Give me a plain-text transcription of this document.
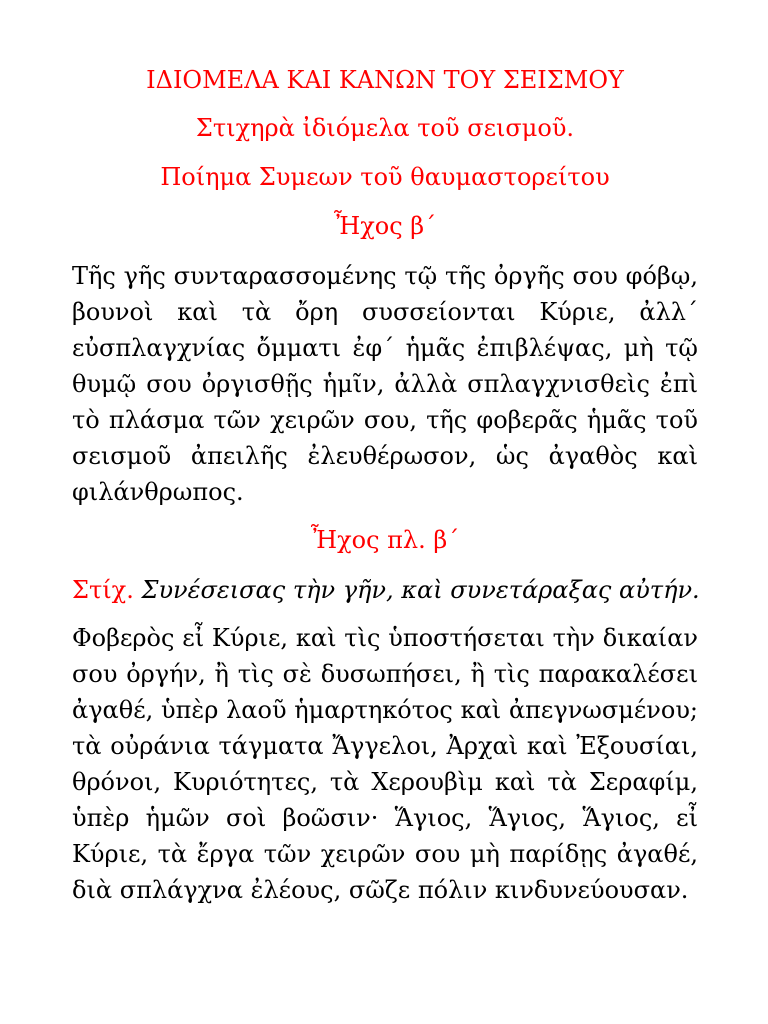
ΙΔΙΟΜΕΛΑ ΚΑΙ ΚΑΝΩΝ ΤΟΥ ΣΕΙΣΜΟΥ

Στιχηρὰ ἰδιόμελα τοῦ σεισμοῦ.

Ποίημα Συμεων τοῦ θαυμαστορείτου

Ἦχος β΄

Τῆς γῆς συνταρασσομένης τῷ τῆς ὀργῆς σου φόβῳ, βουνοὶ καὶ τὰ ὄρη συσσείονται Κύριε, ἀλλ΄ εὐσπλαγχνίας ὄμματι ἐφ΄ ἡμᾶς ἐπιβλέψας, μὴ τῷ θυμῷ σου ὀργισθῇς ἡμῖν, ἀλλὰ σπλαγχνισθεὶς ἐπὶ τὸ πλάσμα τῶν χειρῶν σου, τῆς φοβερᾶς ἡμᾶς τοῦ σεισμοῦ ἀπειλῆς ἐλευθέρωσον, ὡς ἀγαθὸς καὶ φιλάνθρωπος.

Ἦχος πλ. β΄

Στίχ. Συνέσεισας τὴν γῆν, καὶ συνετάραξας αὐτήν.

Φοβερὸς εἶ Κύριε, καὶ τὶς ὑποστήσεται τὴν δικαίαν σου ὀργήν, ἢ τὶς σὲ δυσωπήσει, ἢ τὶς παρακαλέσει ἀγαθέ, ὑπὲρ λαοῦ ἡμαρτηκότος καὶ ἀπεγνωσμένου; τὰ οὐράνια τάγματα Ἄγγελοι, Ἀρχαὶ καὶ Ἐξουσίαι, θρόνοι, Κυριότητες, τὰ Χερουβὶμ καὶ τὰ Σεραφίμ, ὑπὲρ ἡμῶν σοὶ βοῶσιν· Ἅγιος, Ἅγιος, Ἅγιος, εἶ Κύριε, τὰ ἔργα τῶν χειρῶν σου μὴ παρίδῃς ἀγαθέ, διὰ σπλάγχνα ἐλέους, σῶζε πόλιν κινδυνεύουσαν.
